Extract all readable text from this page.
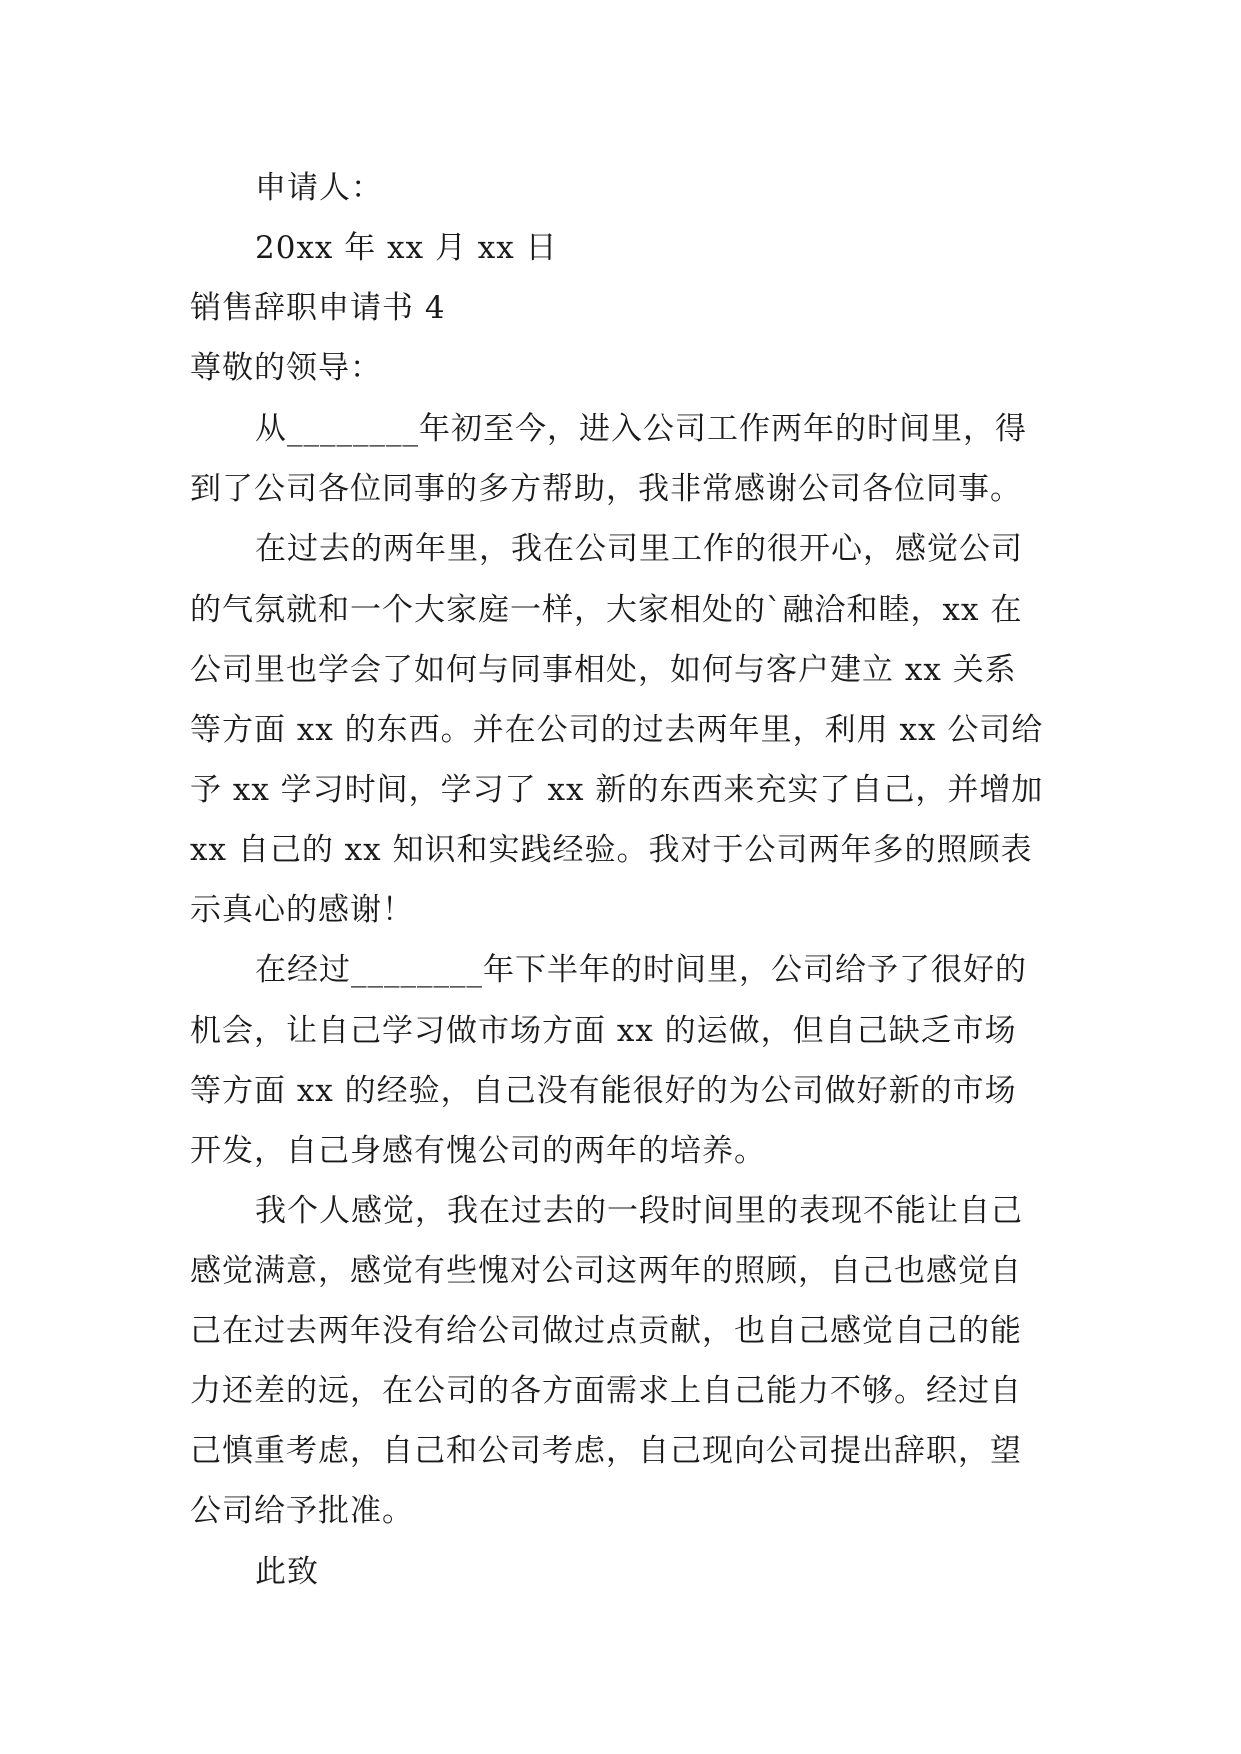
申请人：
20xx 年 xx 月 xx 日
销售辞职申请书 4
尊敬的领导：
从________年初至今，进入公司工作两年的时间里，得
到了公司各位同事的多方帮助，我非常感谢公司各位同事。
在过去的两年里，我在公司里工作的很开心，感觉公司
的气氛就和一个大家庭一样，大家相处的`融洽和睦，xx 在
公司里也学会了如何与同事相处，如何与客户建立 xx 关系
等方面 xx 的东西。并在公司的过去两年里，利用 xx 公司给
予 xx 学习时间，学习了 xx 新的东西来充实了自己，并增加
xx 自己的 xx 知识和实践经验。我对于公司两年多的照顾表
示真心的感谢！
在经过________年下半年的时间里，公司给予了很好的
机会，让自己学习做市场方面 xx 的运做，但自己缺乏市场
等方面 xx 的经验，自己没有能很好的为公司做好新的市场
开发，自己身感有愧公司的两年的培养。
我个人感觉，我在过去的一段时间里的表现不能让自己
感觉满意，感觉有些愧对公司这两年的照顾，自己也感觉自
己在过去两年没有给公司做过点贡献，也自己感觉自己的能
力还差的远，在公司的各方面需求上自己能力不够。经过自
己慎重考虑，自己和公司考虑，自己现向公司提出辞职，望
公司给予批准。
此致
